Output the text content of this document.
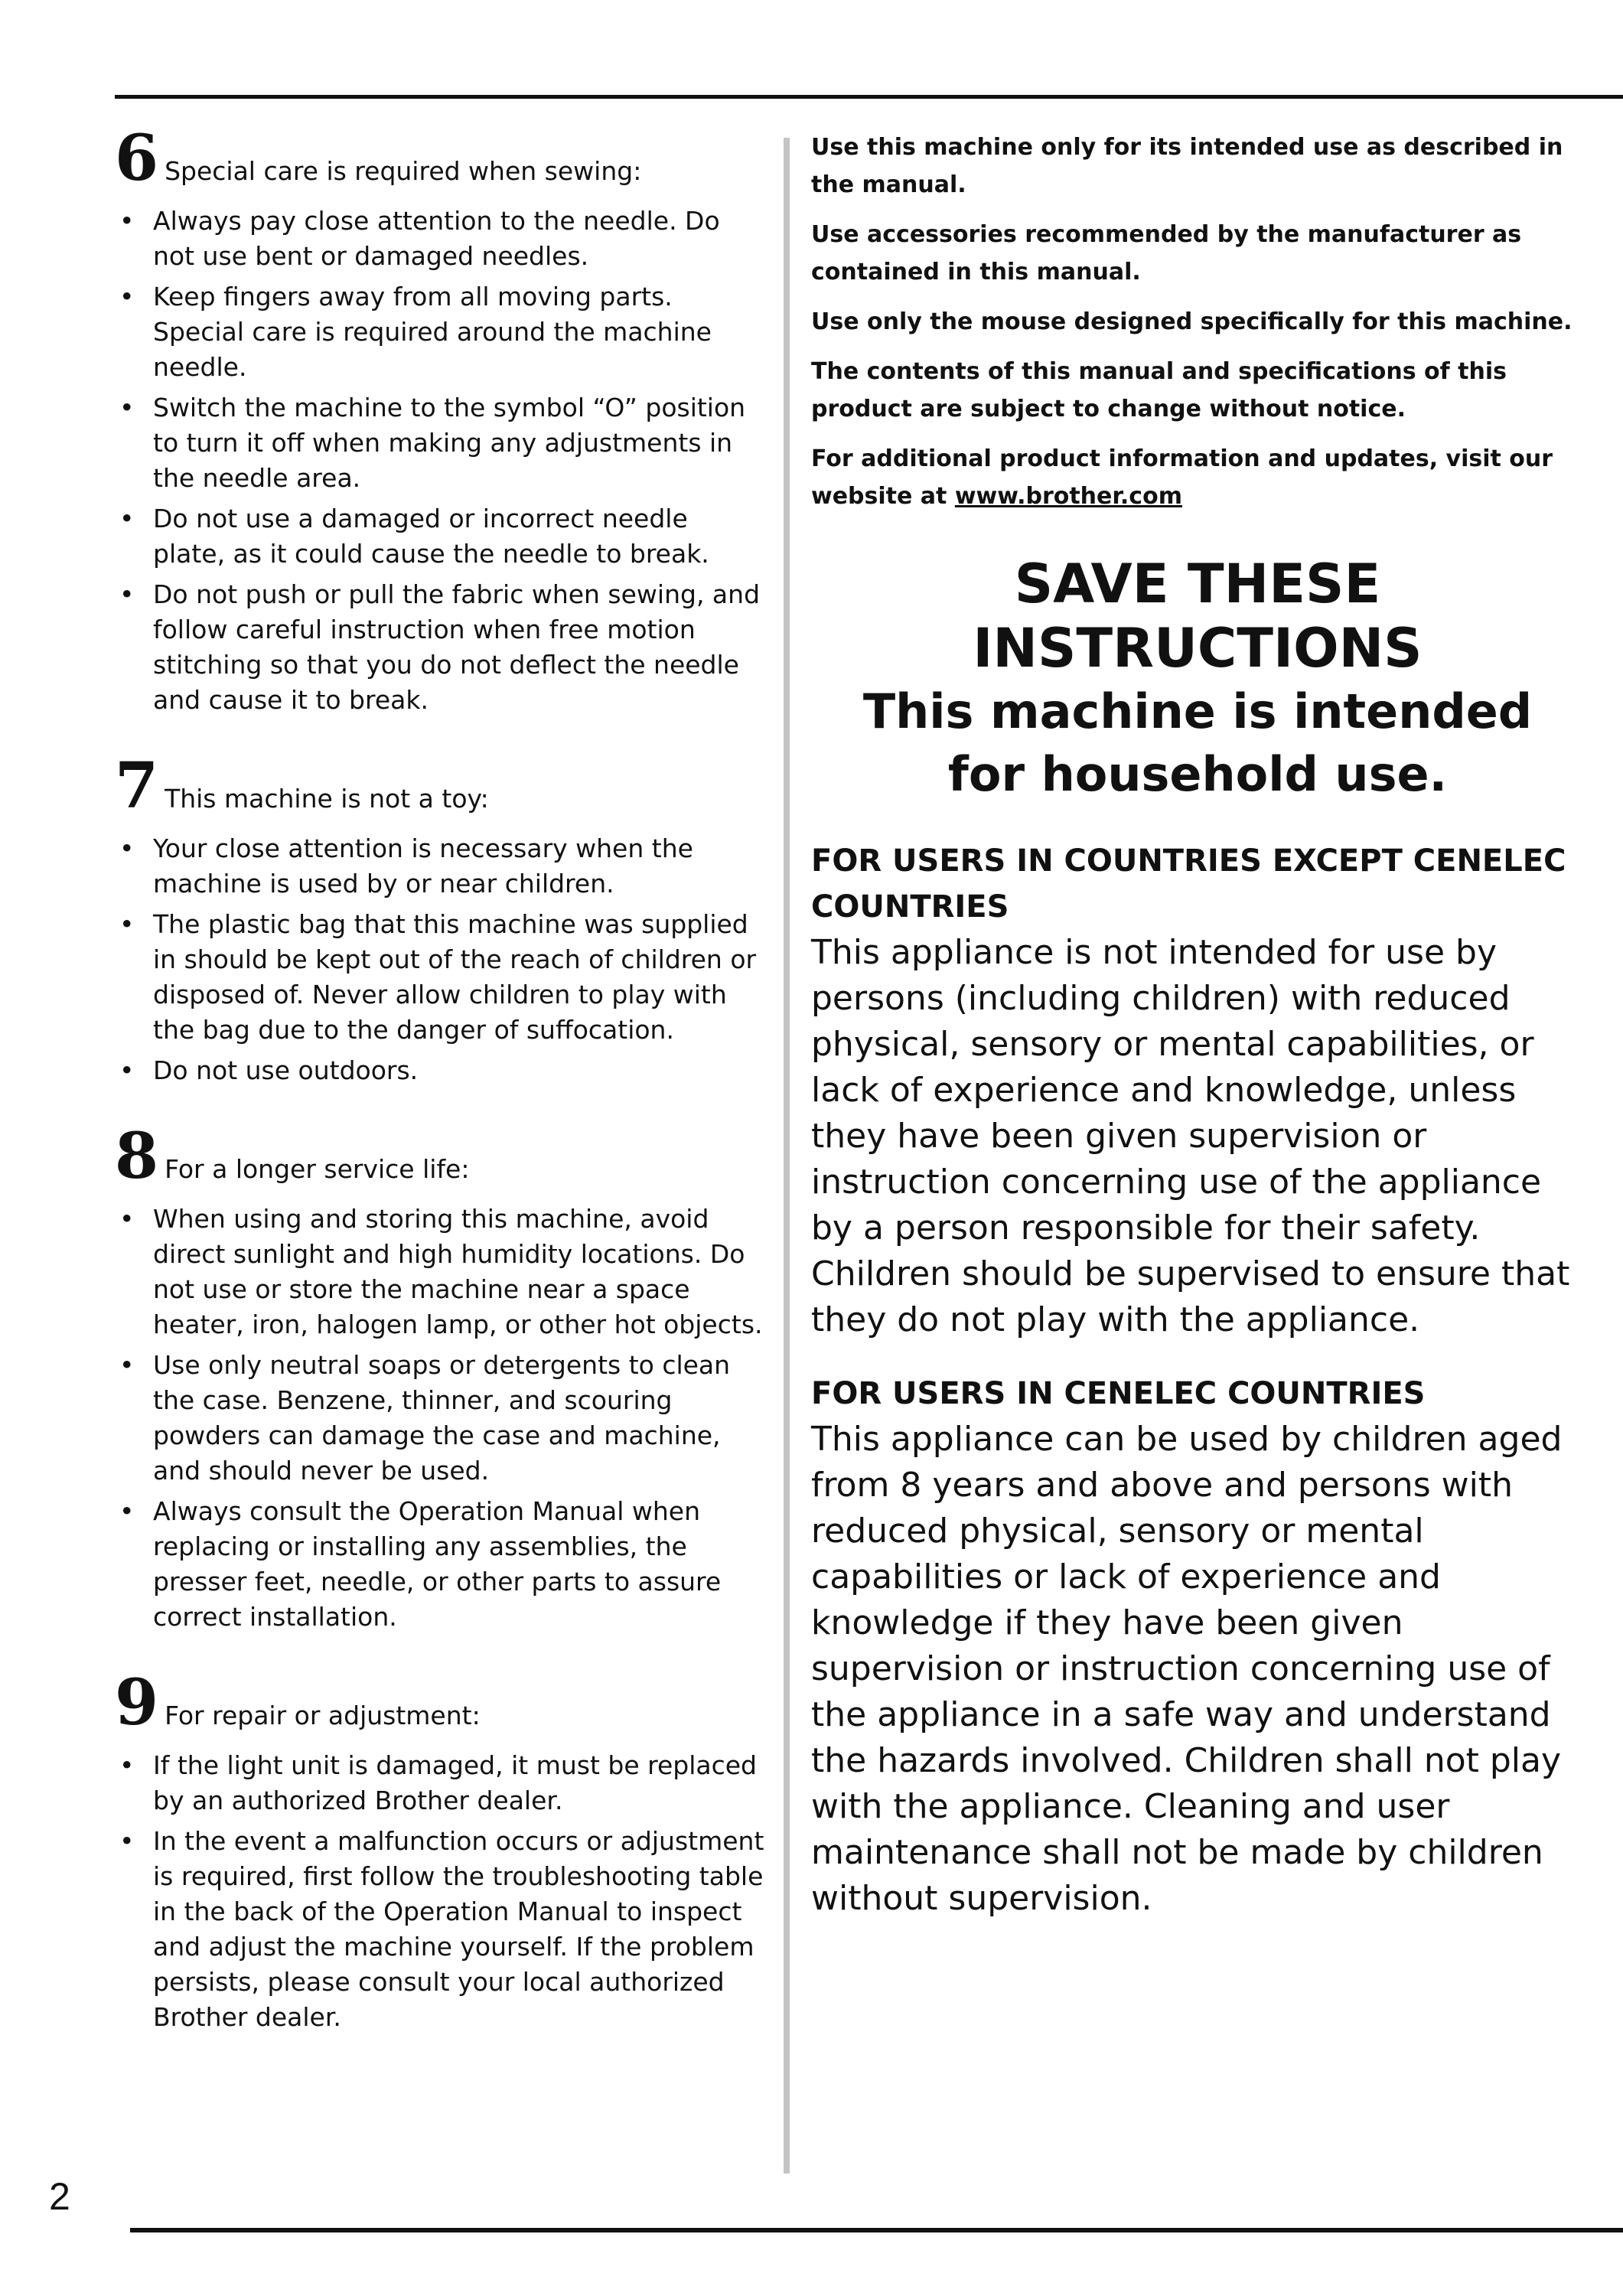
6 Special care is required when sewing:
• Always pay close attention to the needle. Do not use bent or damaged needles.
• Keep fingers away from all moving parts. Special care is required around the machine needle.
• Switch the machine to the symbol “O” position to turn it off when making any adjustments in the needle area.
• Do not use a damaged or incorrect needle plate, as it could cause the needle to break.
• Do not push or pull the fabric when sewing, and follow careful instruction when free motion stitching so that you do not deflect the needle and cause it to break.
7 This machine is not a toy:
• Your close attention is necessary when the machine is used by or near children.
• The plastic bag that this machine was supplied in should be kept out of the reach of children or disposed of. Never allow children to play with the bag due to the danger of suffocation.
• Do not use outdoors.
8 For a longer service life:
• When using and storing this machine, avoid direct sunlight and high humidity locations. Do not use or store the machine near a space heater, iron, halogen lamp, or other hot objects.
• Use only neutral soaps or detergents to clean the case. Benzene, thinner, and scouring powders can damage the case and machine, and should never be used.
• Always consult the Operation Manual when replacing or installing any assemblies, the presser feet, needle, or other parts to assure correct installation.
9 For repair or adjustment:
• If the light unit is damaged, it must be replaced by an authorized Brother dealer.
• In the event a malfunction occurs or adjustment is required, first follow the troubleshooting table in the back of the Operation Manual to inspect and adjust the machine yourself. If the problem persists, please consult your local authorized Brother dealer.

Use this machine only for its intended use as described in the manual.

Use accessories recommended by the manufacturer as contained in this manual.

Use only the mouse designed specifically for this machine.

The contents of this manual and specifications of this product are subject to change without notice.

For additional product information and updates, visit our website at www.brother.com

SAVE THESE
INSTRUCTIONS
This machine is intended
for household use.

FOR USERS IN COUNTRIES EXCEPT CENELEC COUNTRIES

This appliance is not intended for use by persons (including children) with reduced physical, sensory or mental capabilities, or lack of experience and knowledge, unless they have been given supervision or instruction concerning use of the appliance by a person responsible for their safety. Children should be supervised to ensure that they do not play with the appliance.

FOR USERS IN CENELEC COUNTRIES

This appliance can be used by children aged from 8 years and above and persons with reduced physical, sensory or mental capabilities or lack of experience and knowledge if they have been given supervision or instruction concerning use of the appliance in a safe way and understand the hazards involved. Children shall not play with the appliance. Cleaning and user maintenance shall not be made by children without supervision.

2
